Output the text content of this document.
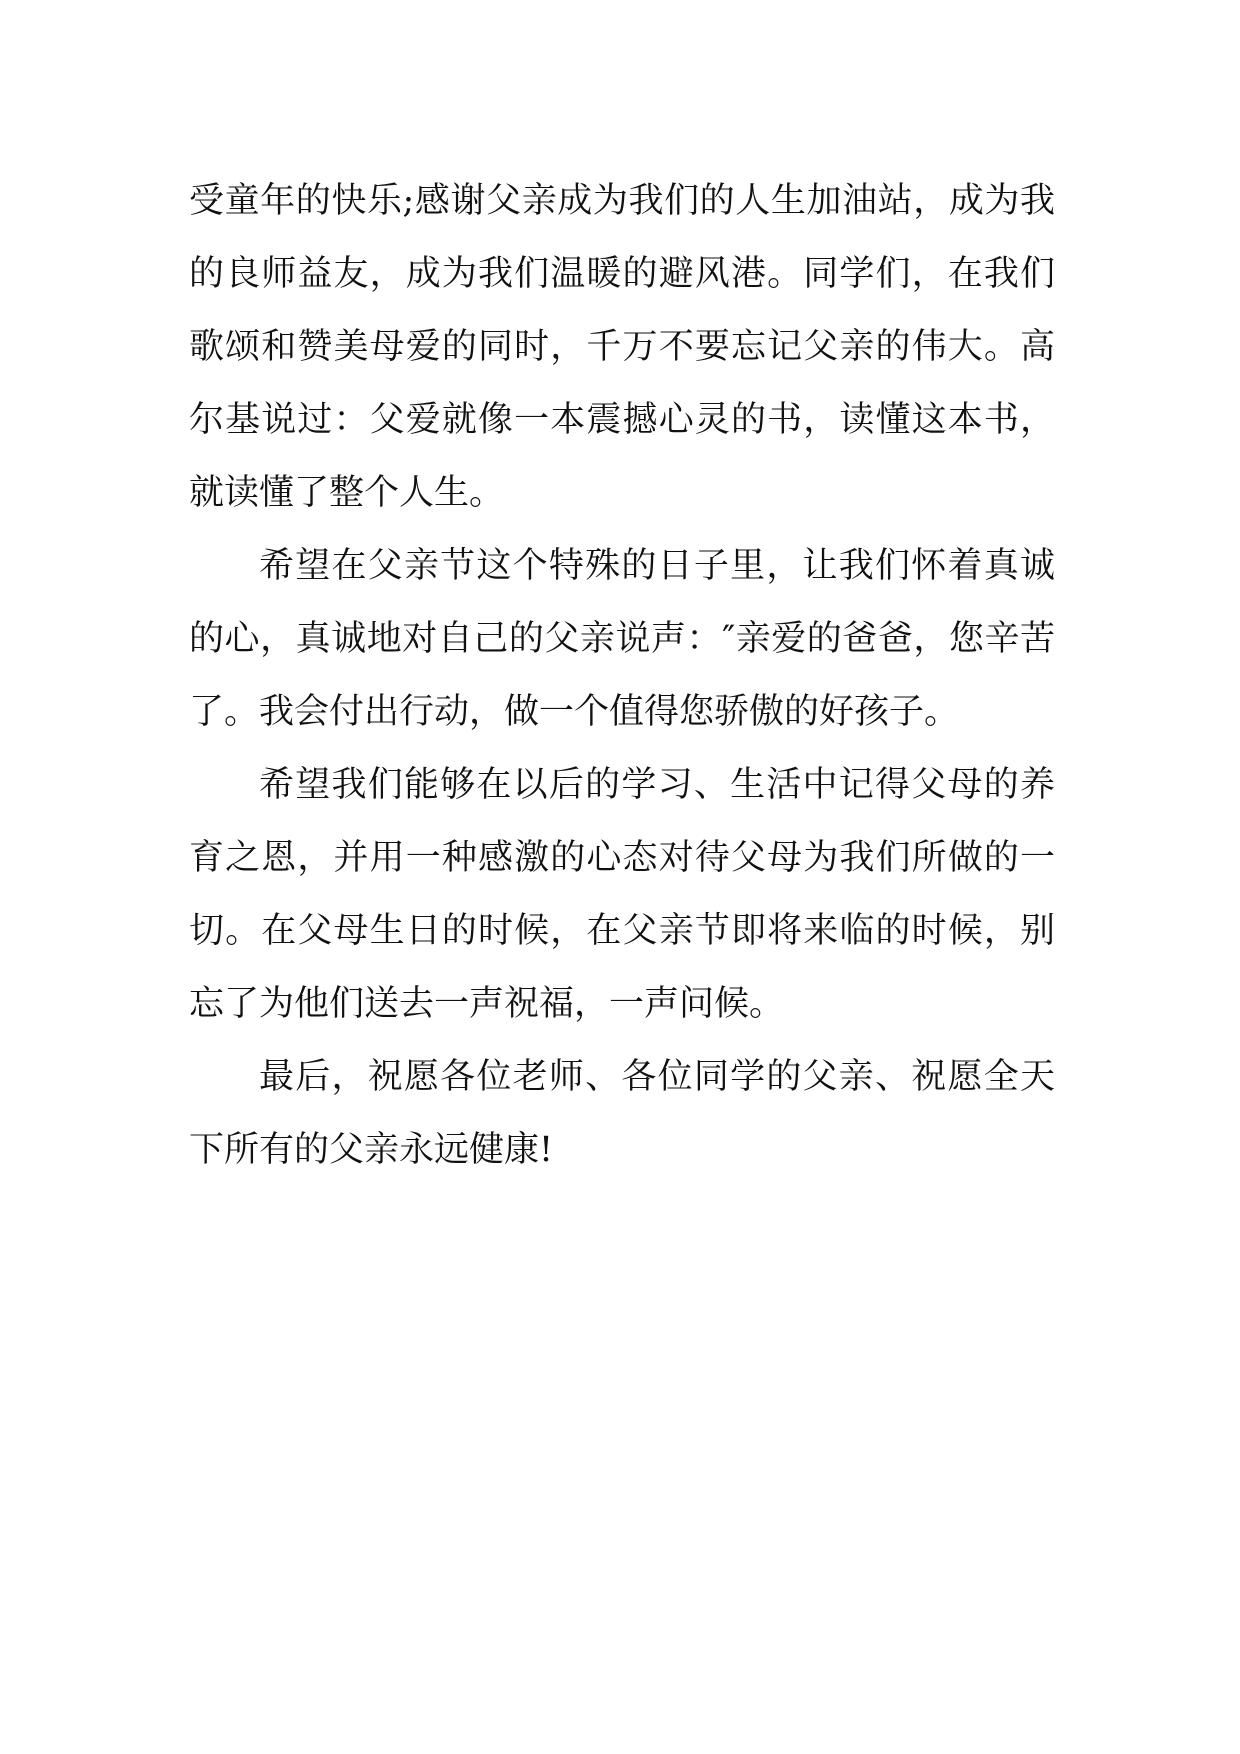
受童年的快乐;感谢父亲成为我们的人生加油站，成为我的良师益友，成为我们温暖的避风港。同学们，在我们歌颂和赞美母爱的同时，千万不要忘记父亲的伟大。高尔基说过：父爱就像一本震撼心灵的书，读懂这本书，就读懂了整个人生。

希望在父亲节这个特殊的日子里，让我们怀着真诚的心，真诚地对自己的父亲说声：″亲爱的爸爸，您辛苦了。我会付出行动，做一个值得您骄傲的好孩子。

希望我们能够在以后的学习、生活中记得父母的养育之恩，并用一种感激的心态对待父母为我们所做的一切。在父母生日的时候，在父亲节即将来临的时候，别忘了为他们送去一声祝福，一声问候。

最后，祝愿各位老师、各位同学的父亲、祝愿全天下所有的父亲永远健康!
